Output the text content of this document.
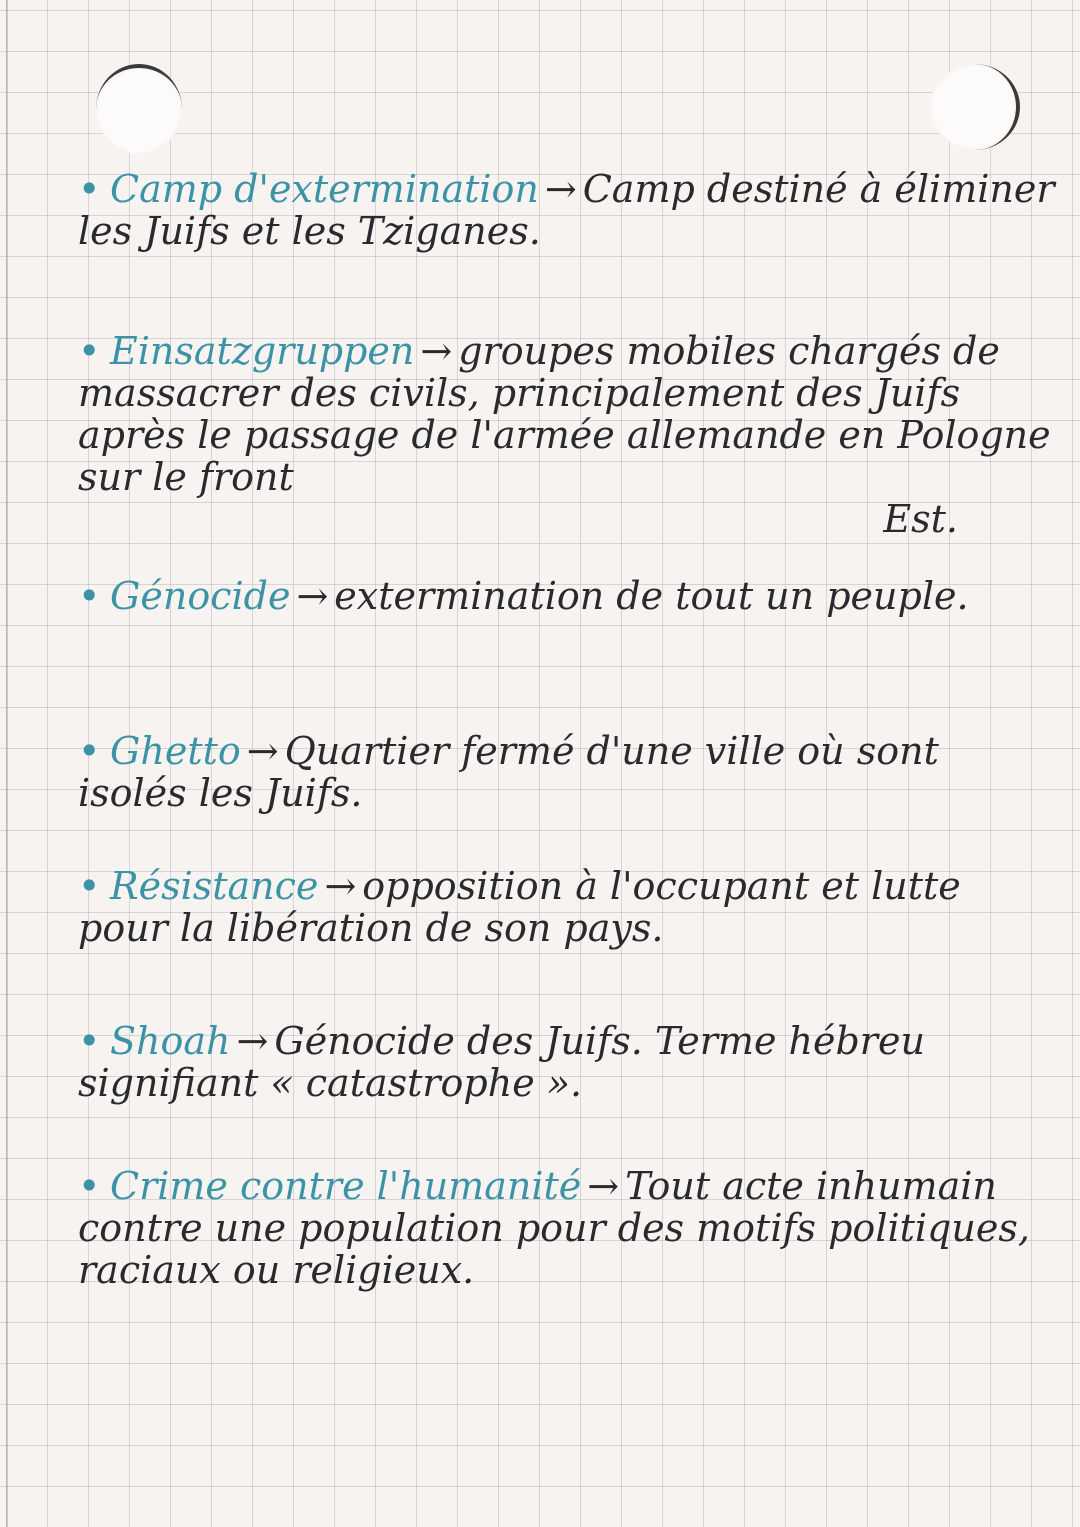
• Camp d'extermination → Camp destiné à éliminer les Juifs et les Tziganes.
• Einsatzgruppen → groupes mobiles chargés de massacrer des civils, principalement des Juifs après le passage de l'armée allemande en Pologne sur le front
Est.
• Génocide → extermination de tout un peuple.
• Ghetto → Quartier fermé d'une ville où sont isolés les Juifs.
• Résistance → opposition à l'occupant et lutte pour la libération de son pays.
• Shoah → Génocide des Juifs. Terme hébreu signifiant « catastrophe ».
• Crime contre l'humanité → Tout acte inhumain contre une population pour des motifs politiques, raciaux ou religieux.
